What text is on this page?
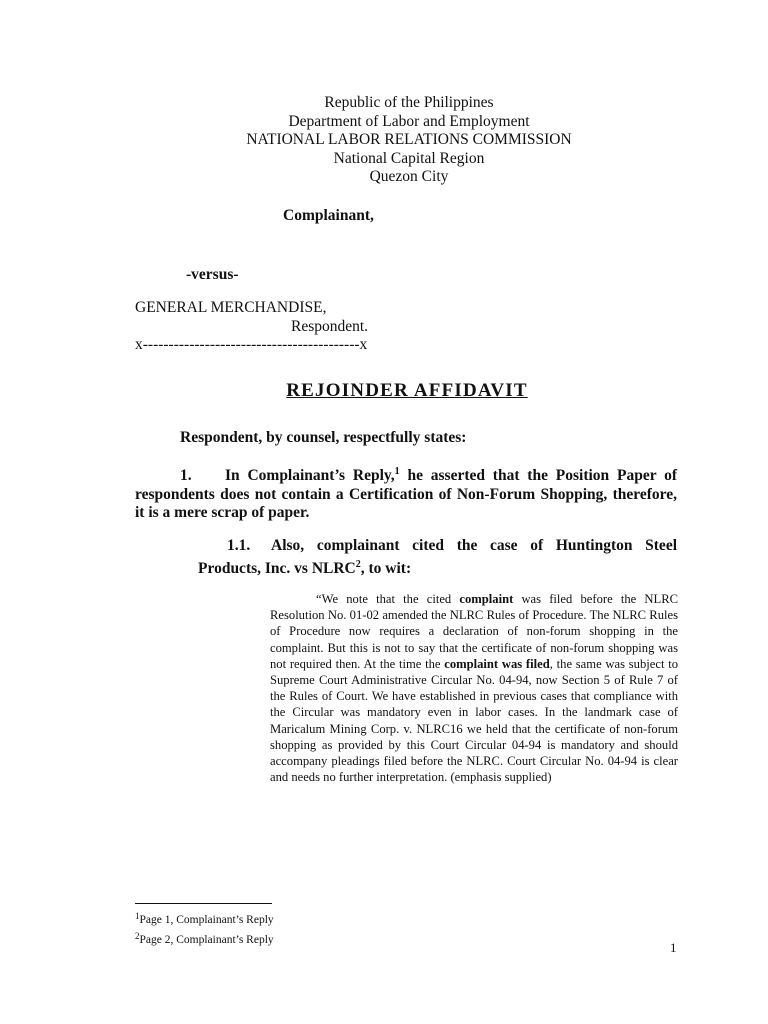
Republic of the Philippines
Department of Labor and Employment
NATIONAL LABOR RELATIONS COMMISSION
National Capital Region
Quezon City
Complainant,
-versus-
GENERAL MERCHANDISE,
Respondent.
x------------------------------------------x
REJOINDER AFFIDAVIT
Respondent, by counsel, respectfully states:
1. In Complainant’s Reply,$^1$ he asserted that the Position Paper of respondents does not contain a Certification of Non-Forum Shopping, therefore, it is a mere scrap of paper.
1.1. Also, complainant cited the case of Huntington Steel Products, Inc. vs NLRC$^2$, to wit:
“We note that the cited complaint was filed before the NLRC Resolution No. 01-02 amended the NLRC Rules of Procedure. The NLRC Rules of Procedure now requires a declaration of non-forum shopping in the complaint. But this is not to say that the certificate of non-forum shopping was not required then. At the time the complaint was filed, the same was subject to Supreme Court Administrative Circular No. 04-94, now Section 5 of Rule 7 of the Rules of Court. We have established in previous cases that compliance with the Circular was mandatory even in labor cases. In the landmark case of Maricalum Mining Corp. v. NLRC16 we held that the certificate of non-forum shopping as provided by this Court Circular 04-94 is mandatory and should accompany pleadings filed before the NLRC. Court Circular No. 04-94 is clear and needs no further interpretation. (emphasis supplied)
$^1$Page 1, Complainant’s Reply
$^2$Page 2, Complainant’s Reply	1
